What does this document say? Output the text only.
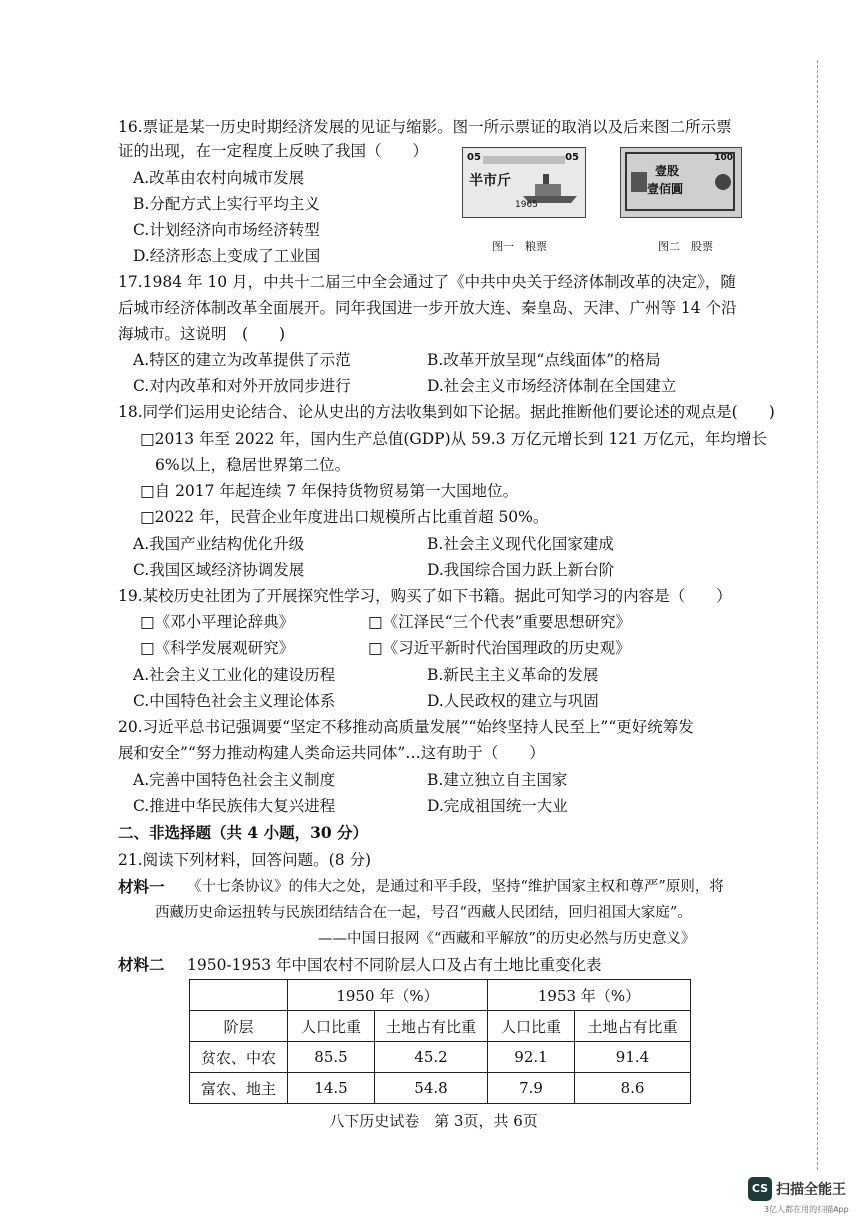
16.票证是某一历史时期经济发展的见证与缩影。图一所示票证的取消以及后来图二所示票
证的出现，在一定程度上反映了我国（　　）
A.改革由农村向城市发展
B.分配方式上实行平均主义
C.计划经济向市场经济转型
D.经济形态上变成了工业国
05	05
半市斤
1965
图一　粮票
壹股
壹佰圓
100
图二　股票
17.1984 年 10 月，中共十二届三中全会通过了《中共中央关于经济体制改革的决定》，随
后城市经济体制改革全面展开。同年我国进一步开放大连、秦皇岛、天津、广州等 14 个沿
海城市。这说明　(　　)
A.特区的建立为改革提供了示范	B.改革开放呈现“点线面体”的格局
C.对内改革和对外开放同步进行	D.社会主义市场经济体制在全国建立
18.同学们运用史论结合、论从史出的方法收集到如下论据。据此推断他们要论述的观点是(　　)
□2013 年至 2022 年，国内生产总值(GDP)从 59.3 万亿元增长到 121 万亿元，年均增长
6%以上，稳居世界第二位。
□自 2017 年起连续 7 年保持货物贸易第一大国地位。
□2022 年，民营企业年度进出口规模所占比重首超 50%。
A.我国产业结构优化升级	B.社会主义现代化国家建成
C.我国区域经济协调发展	D.我国综合国力跃上新台阶
19.某校历史社团为了开展探究性学习，购买了如下书籍。据此可知学习的内容是（　　）
□《邓小平理论辞典》	□《江泽民“三个代表”重要思想研究》
□《科学发展观研究》	□《习近平新时代治国理政的历史观》
A.社会主义工业化的建设历程	B.新民主主义革命的发展
C.中国特色社会主义理论体系	D.人民政权的建立与巩固
20.习近平总书记强调要“坚定不移推动高质量发展”“始终坚持人民至上”“更好统筹发
展和安全”“努力推动构建人类命运共同体”…这有助于（　　）
A.完善中国特色社会主义制度	B.建立独立自主国家
C.推进中华民族伟大复兴进程	D.完成祖国统一大业
二、非选择题（共 4 小题，30 分）
21.阅读下列材料，回答问题。(8 分)
材料一 《十七条协议》的伟大之处，是通过和平手段，坚持“维护国家主权和尊严”原则，将
西藏历史命运扭转与民族团结结合在一起，号召“西藏人民团结，回归祖国大家庭”。
——中国日报网《“西藏和平解放”的历史必然与历史意义》
材料二 1950-1953 年中国农村不同阶层人口及占有土地比重变化表
	1950 年（%）		1953 年（%）	
阶层	人口比重	土地占有比重	人口比重	土地占有比重
贫农、中农	85.5	45.2	92.1	91.4
富农、地主	14.5	54.8	7.9	8.6
八下历史试卷　第 3页，共 6页
CS 扫描全能王
3亿人都在用的扫描App
